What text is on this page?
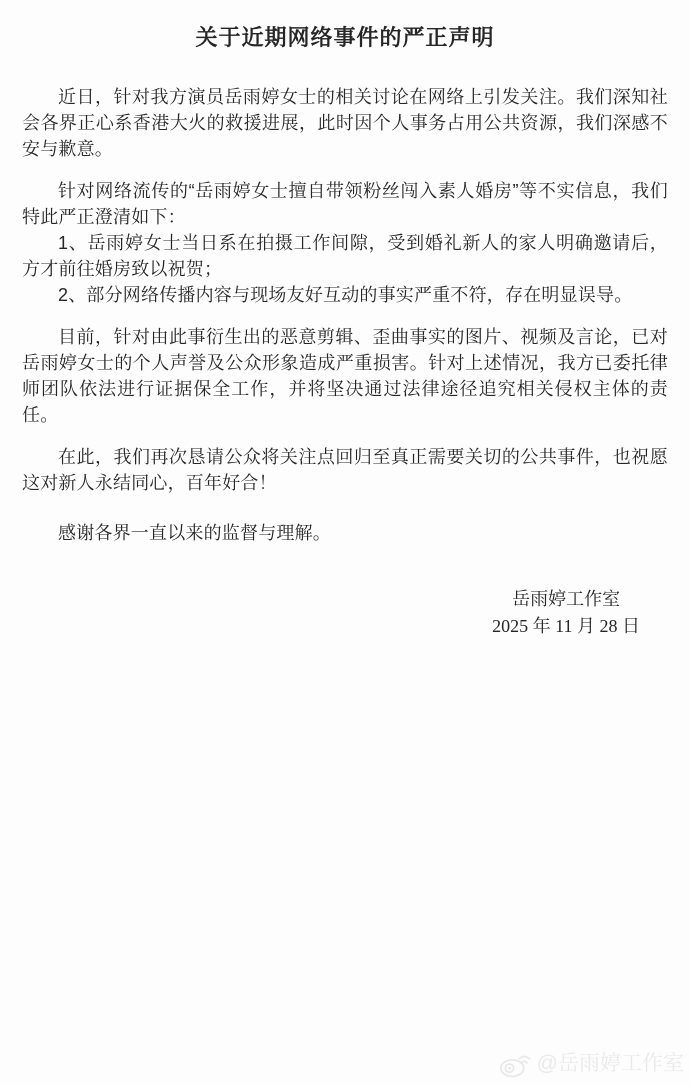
关于近期网络事件的严正声明

近日，针对我方演员岳雨婷女士的相关讨论在网络上引发关注。我们深知社会各界正心系香港大火的救援进展，此时因个人事务占用公共资源，我们深感不安与歉意。

针对网络流传的“岳雨婷女士擅自带领粉丝闯入素人婚房”等不实信息，我们特此严正澄清如下：

1、岳雨婷女士当日系在拍摄工作间隙，受到婚礼新人的家人明确邀请后，方才前往婚房致以祝贺；

2、部分网络传播内容与现场友好互动的事实严重不符，存在明显误导。

目前，针对由此事衍生出的恶意剪辑、歪曲事实的图片、视频及言论，已对岳雨婷女士的个人声誉及公众形象造成严重损害。针对上述情况，我方已委托律师团队依法进行证据保全工作，并将坚决通过法律途径追究相关侵权主体的责任。

在此，我们再次恳请公众将关注点回归至真正需要关切的公共事件，也祝愿这对新人永结同心，百年好合！

感谢各界一直以来的监督与理解。

岳雨婷工作室
2025 年 11 月 28 日
@岳雨婷工作室
